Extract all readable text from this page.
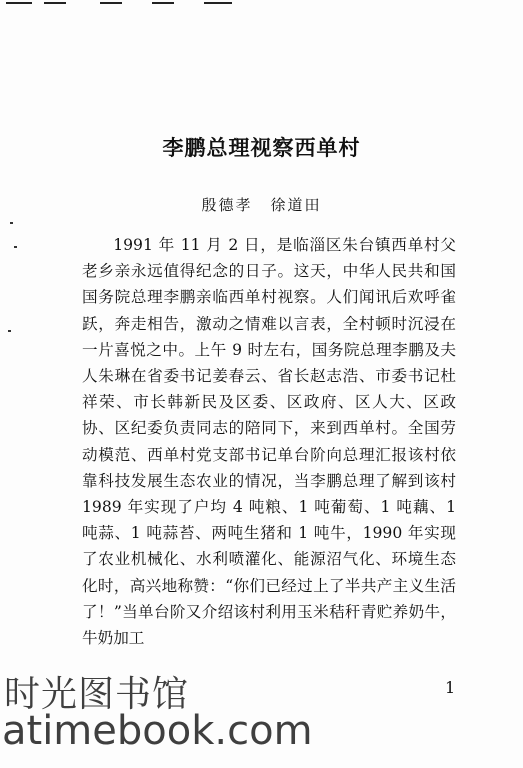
李鹏总理视察西单村
殷德孝 徐道田

1991 年 11 月 2 日，是临淄区朱台镇西单村父老乡亲永远值得纪念的日子。这天，中华人民共和国国务院总理李鹏亲临西单村视察。人们闻讯后欢呼雀跃，奔走相告，激动之情难以言表，全村顿时沉浸在一片喜悦之中。上午 9 时左右，国务院总理李鹏及夫人朱琳在省委书记姜春云、省长赵志浩、市委书记杜祥荣、市长韩新民及区委、区政府、区人大、区政协、区纪委负责同志的陪同下，来到西单村。全国劳动模范、西单村党支部书记单台阶向总理汇报该村依靠科技发展生态农业的情况，当李鹏总理了解到该村 1989 年实现了户均 4 吨粮、1 吨葡萄、1 吨藕、1 吨蒜、1 吨蒜苔、两吨生猪和 1 吨牛，1990 年实现了农业机械化、水利喷灌化、能源沼气化、环境生态化时，高兴地称赞：“你们已经过上了半共产主义生活了！”当单台阶又介绍该村利用玉米秸秆青贮养奶牛，牛奶加工

1
时光图书馆
atimebook.com
